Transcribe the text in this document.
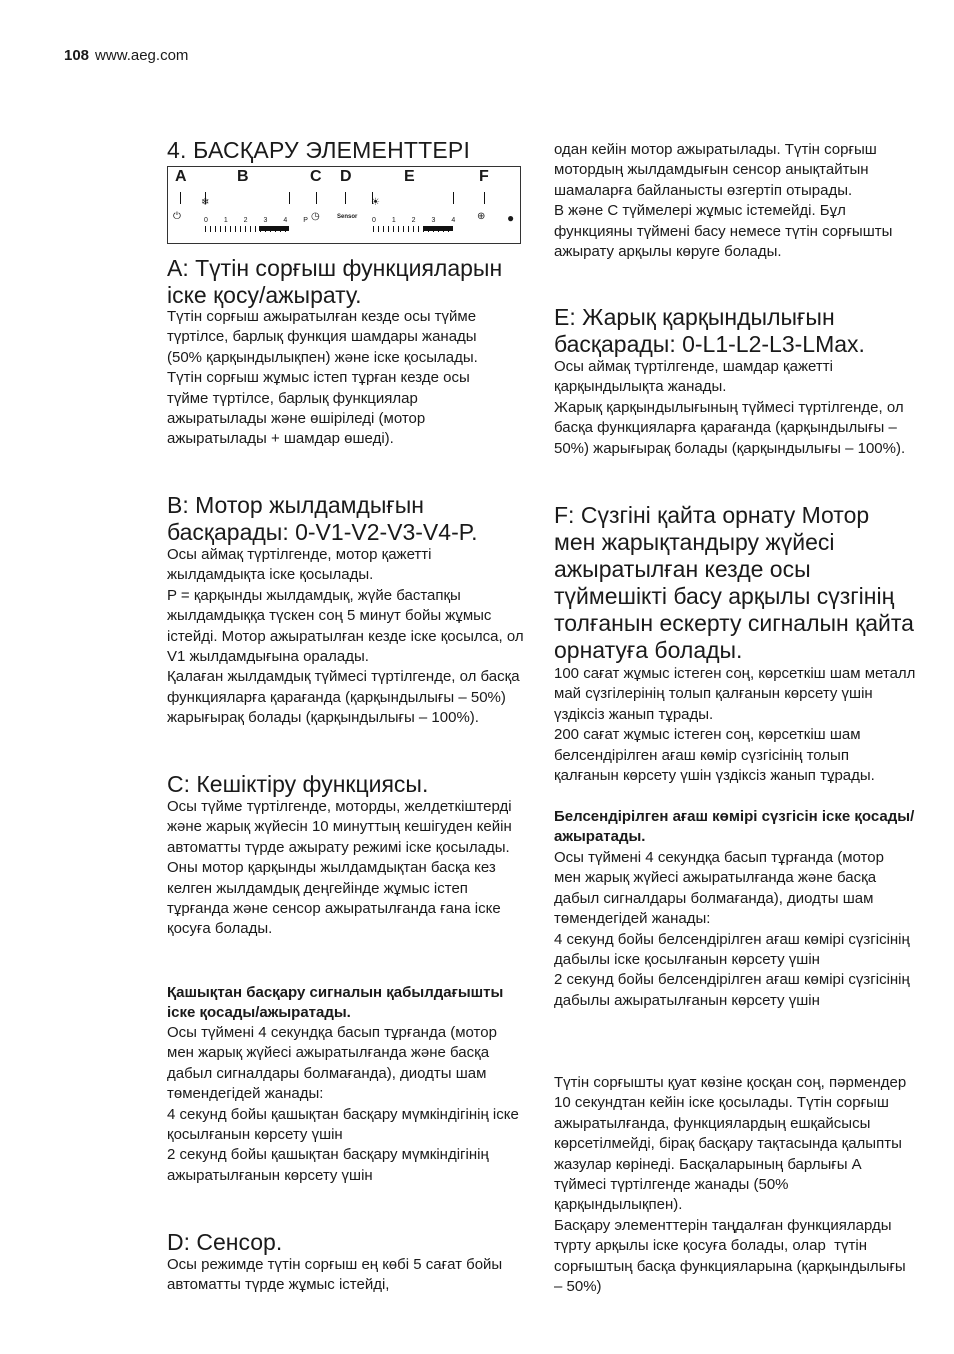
108 www.aeg.com
4. БАСҚАРУ ЭЛЕМЕНТТЕРІ
A: Түтін сорғыш функцияларын іске қосу/ажырату.

Түтін сорғыш ажыратылған кезде осы түйме түртілсе, барлық функция шамдары жанады (50% қарқындылықпен) және іске қосылады.
Түтін сорғыш жұмыс істеп тұрған кезде осы түйме түртілсе, барлық функциялар ажыратылады және өшіріледі (мотор ажыратылады + шамдар өшеді).

B: Мотор жылдамдығын басқарады: 0-V1-V2-V3-V4-P.

Осы аймақ түртілгенде, мотор қажетті жылдамдықта іске қосылады.
P = қарқынды жылдамдық, жүйе бастапқы жылдамдыққа түскен соң 5 минут бойы жұмыс істейді. Мотор ажыратылған кезде іске қосылса, ол V1 жылдамдығына оралады.
Қалаған жылдамдық түймесі түртілгенде, ол басқа функцияларға қарағанда (қарқындылығы – 50%) жарығырақ болады (қарқындылығы – 100%).

C: Кешіктіру функциясы.

Осы түйме түртілгенде, моторды, желдеткіштерді және жарық жүйесін 10 минуттың кешігуден кейін автоматты түрде ажырату режимі іске қосылады.
Оны мотор қарқынды жылдамдықтан басқа кез келген жылдамдық деңгейінде жұмыс істеп тұрғанда және сенсор ажыратылғанда ғана іске қосуға болады.

Қашықтан басқару сигналын қабылдағышты іске қосады/ажыратады.

Осы түймені 4 секундқа басып тұрғанда (мотор мен жарық жүйесі ажыратылғанда және басқа дабыл сигналдары болмағанда), диодты шам төмендегідей жанады:
4 секунд бойы қашықтан басқару мүмкіндігінің іске қосылғанын көрсету үшін
2 секунд бойы қашықтан басқару мүмкіндігінің ажыратылғанын көрсету үшін

D: Сенсор.

Осы режимде түтін сорғыш ең көбі 5 сағат бойы автоматты түрде жұмыс істейді,

A	B	C D	E	F
⏻
❄
0 1 2 3 4 P
◷	Sensor
☀
0 1 2 3 4 ⊕ ●

одан кейін мотор ажыратылады. Түтін сорғыш мотордың жылдамдығын сенсор анықтайтын шамаларға байланысты өзгертіп отырады.
В және С түймелері жұмыс істемейді. Бұл функцияны түймені басу немесе түтін сорғышты ажырату арқылы көруге болады.

E: Жарық қарқындылығын басқарады: 0-L1-L2-L3-LMax.

Осы аймақ түртілгенде, шамдар қажетті қарқындылықта жанады.
Жарық қарқындылығының түймесі түртілгенде, ол басқа функцияларға қарағанда (қарқындылығы – 50%) жарығырақ болады (қарқындылығы – 100%).

F: Сүзгіні қайта орнату Мотор мен жарықтандыру жүйесі ажыратылған кезде осы түймешікті басу арқылы сүзгінің толғанын ескерту сигналын қайта орнатуға болады.

100 сағат жұмыс істеген соң, көрсеткіш шам металл май сүзгілерінің толып қалғанын көрсету үшін үздіксіз жанып тұрады.
200 сағат жұмыс істеген соң, көрсеткіш шам белсендірілген ағаш көмір сүзгісінің толып қалғанын көрсету үшін үздіксіз жанып тұрады.

Белсендірілген ағаш көмірі сүзгісін іске қосады/ажыратады.

Осы түймені 4 секундқа басып тұрғанда (мотор мен жарық жүйесі ажыратылғанда және басқа дабыл сигналдары болмағанда), диодты шам төмендегідей жанады:
4 секунд бойы белсендірілген ағаш көмірі сүзгісінің дабылы іске қосылғанын көрсету үшін
2 секунд бойы белсендірілген ағаш көмірі сүзгісінің дабылы ажыратылғанын көрсету үшін

Түтін сорғышты қуат көзіне қосқан соң, пәрмендер 10 секундтан кейін іске қосылады. Түтін сорғыш ажыратылғанда, функциялардың ешқайсысы көрсетілмейді, бірақ басқару тақтасында қалыпты жазулар көрінеді. Басқаларының барлығы А түймесі түртілгенде жанады (50% қарқындылықпен).
Басқару элементтерін таңдалған функцияларды түрту арқылы іске қосуға болады, олар  түтін сорғыштың басқа функцияларына (қарқындылығы – 50%)
